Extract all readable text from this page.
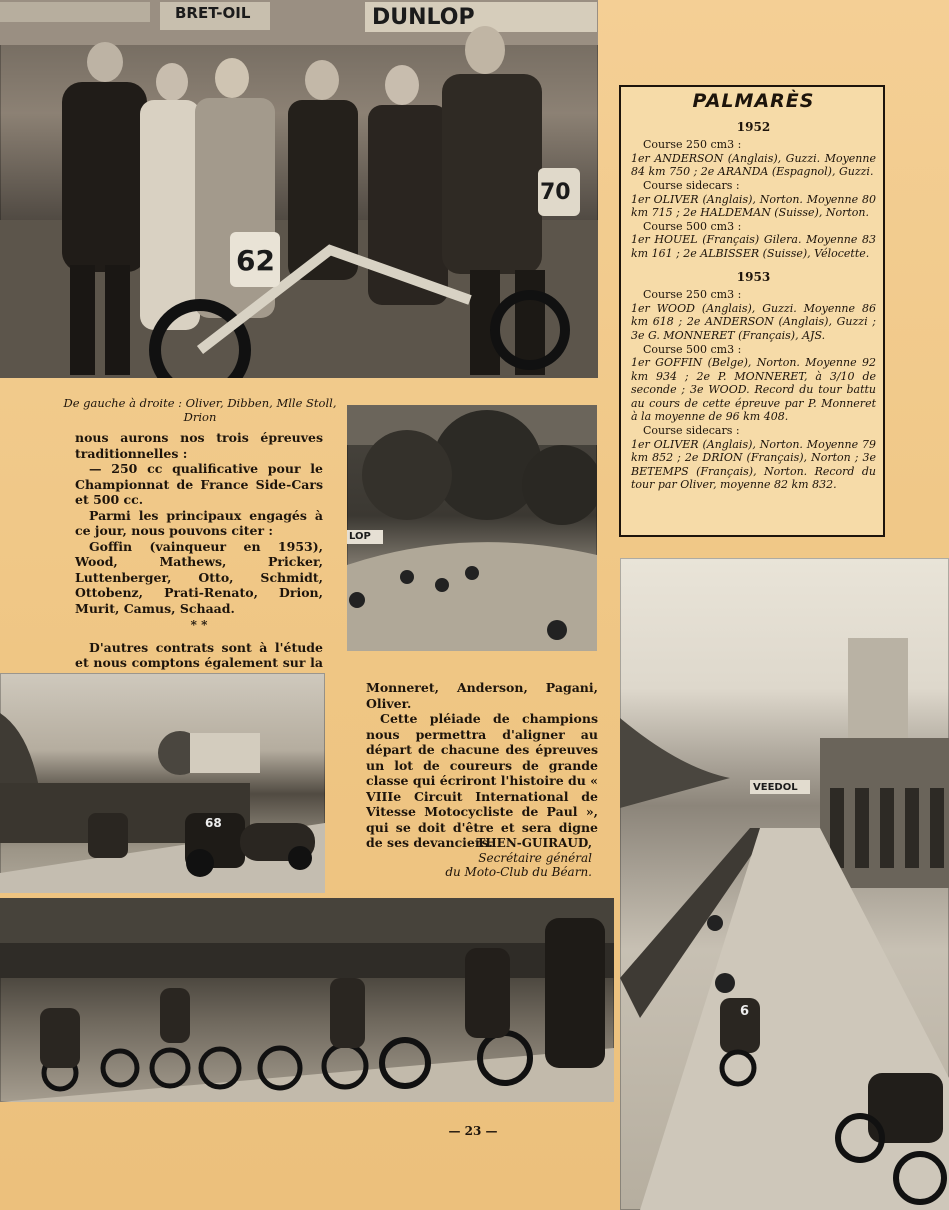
BRET-OIL	DUNLOP
62
70
De gauche à droite : Oliver, Dibben, Mlle Stoll, Drion

nous aurons nos trois épreuves traditionnelles :

— 250 cc qualificative pour le Championnat de France Side-Cars et 500 cc.

Parmi les principaux engagés à ce jour, nous pouvons citer :

Goffin (vainqueur en 1953), Wood, Mathews, Pricker, Luttenberger, Otto, Schmidt, Ottobenz, Prati-Renato, Drion, Murit, Camus, Schaad.

* *

D'autres contrats sont à l'étude et nous comptons également sur la

LOP
PALMARÈS
1952
Course 250 cm3 :
1er ANDERSON (Anglais), Guzzi. Moyenne 84 km 750 ; 2e ARANDA (Espagnol), Guzzi.
Course sidecars :
1er OLIVER (Anglais), Norton. Moyenne 80 km 715 ; 2e HALDEMAN (Suisse), Norton.
Course 500 cm3 :
1er HOUEL (Français) Gilera. Moyenne 83 km 161 ; 2e ALBISSER (Suisse), Vélocette.
1953
Course 250 cm3 :
1er WOOD (Anglais), Guzzi. Moyenne 86 km 618 ; 2e ANDERSON (Anglais), Guzzi ; 3e G. MONNERET (Français), AJS.
Course 500 cm3 :
1er GOFFIN (Belge), Norton. Moyenne 92 km 934 ; 2e P. MONNERET, à 3/10 de seconde ; 3e WOOD. Record du tour battu au cours de cette épreuve par P. Monneret à la moyenne de 96 km 408.
Course sidecars :
1er OLIVER (Anglais), Norton. Moyenne 79 km 852 ; 2e DRION (Français), Norton ; 3e BETEMPS (Français), Norton. Record du tour par Oliver, moyenne 82 km 832.
68

Monneret, Anderson, Pagani, Oliver.

Cette pléiade de champions nous permettra d'aligner au départ de chacune des épreuves un lot de coureurs de grande classe qui écriront l'histoire du « VIIIe Circuit International de Vitesse Motocycliste de Paul », qui se doit d'être et sera digne de ses devanciers.

THEN-GUIRAUD,
Secrétaire général
du Moto-Club du Béarn.
VEEDOL
6
— 23 —
